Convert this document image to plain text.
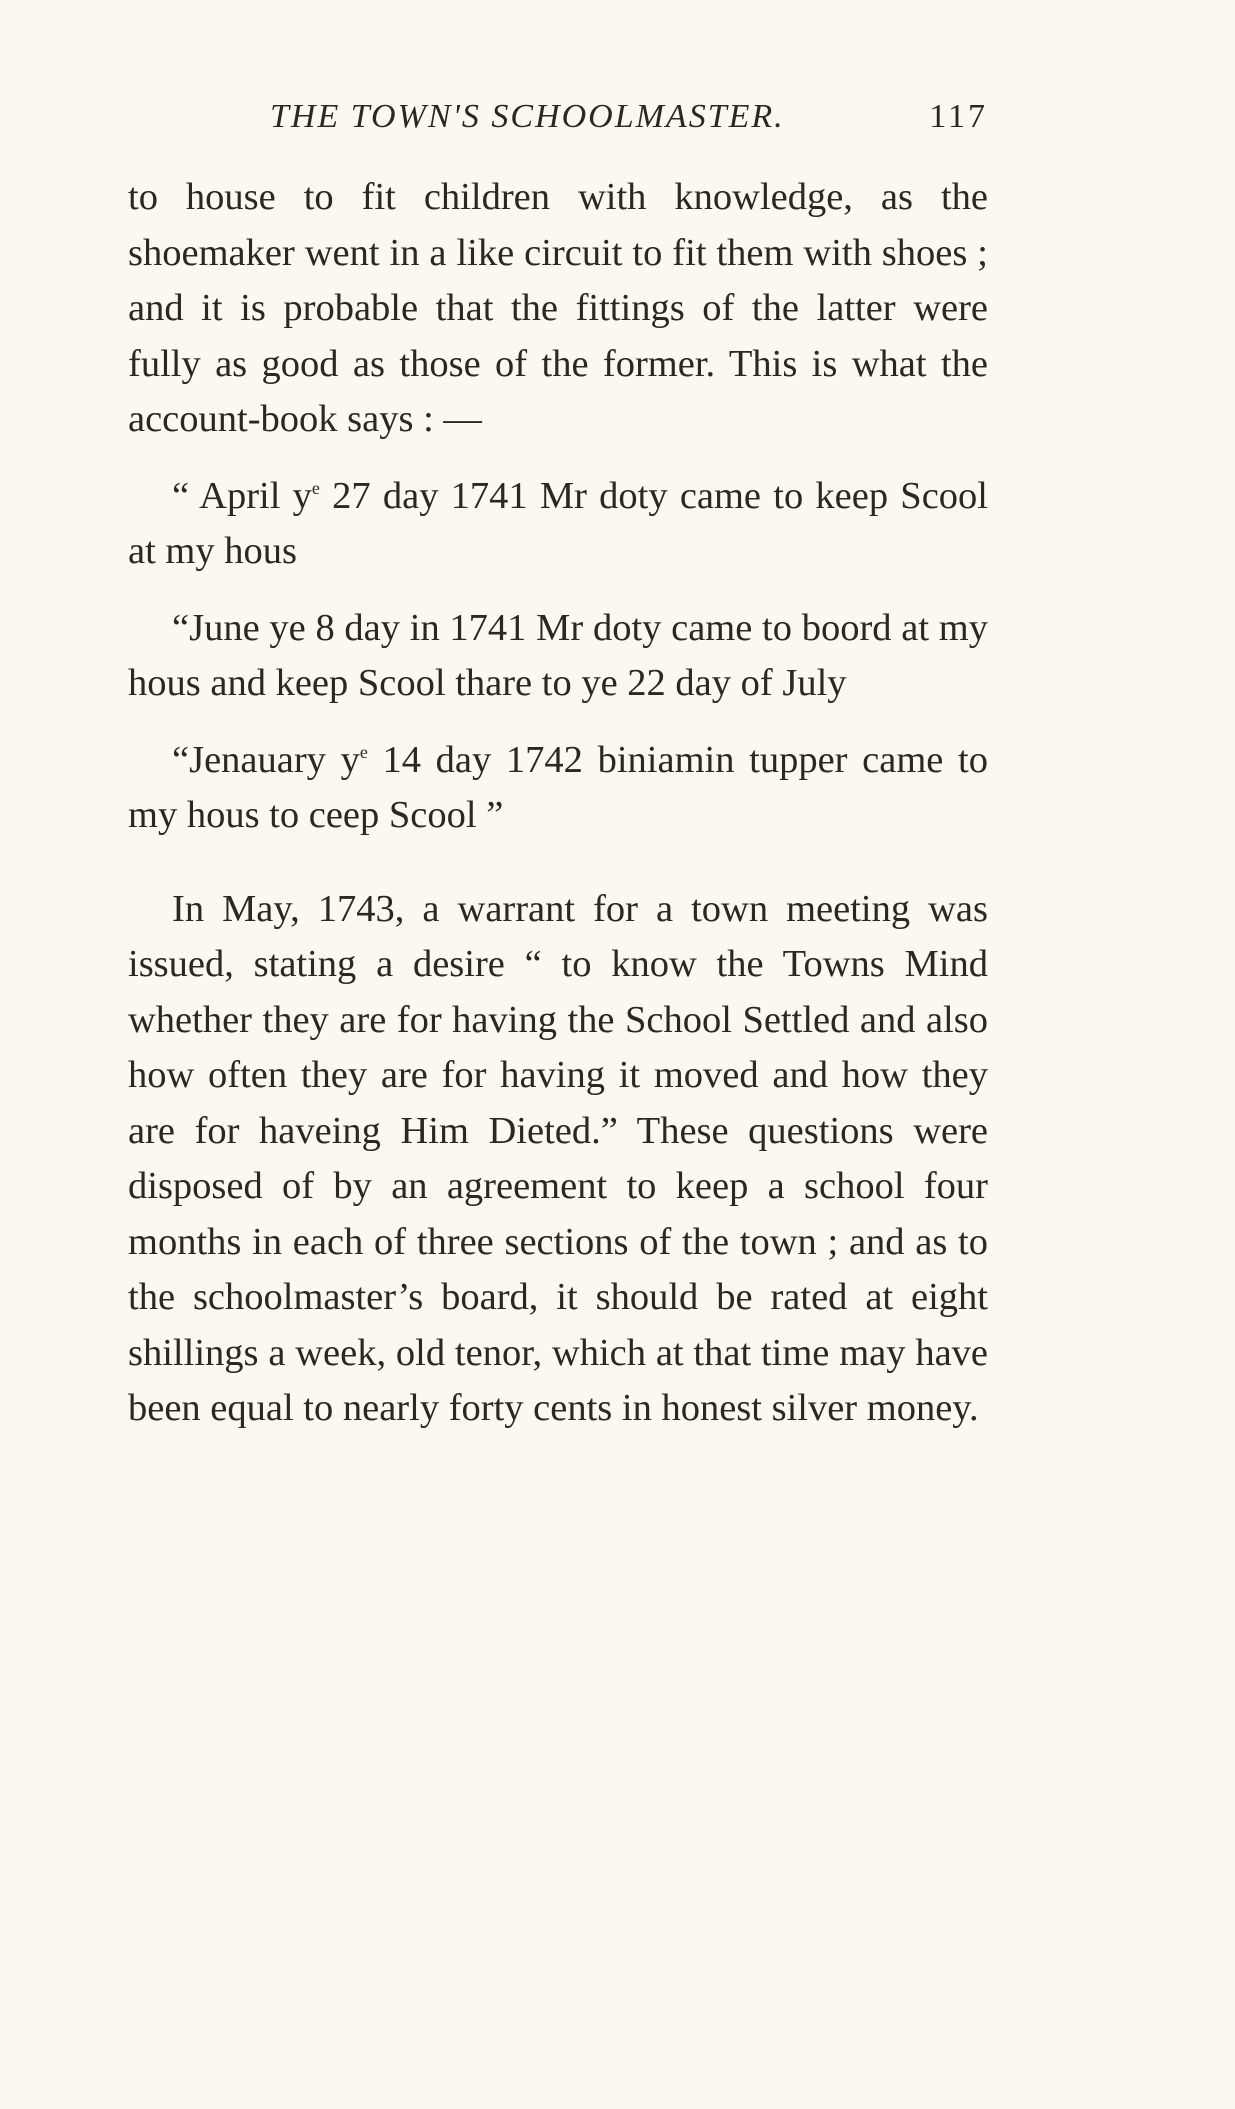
THE TOWN'S SCHOOLMASTER.	117

to house to fit children with knowledge, as the shoemaker went in a like circuit to fit them with shoes ; and it is probable that the fittings of the latter were fully as good as those of the former. This is what the account-book says : —

“ April $y^e$ 27 day 1741 Mr doty came to keep Scool at my hous

“June ye 8 day in 1741 Mr doty came to boord at my hous and keep Scool thare to ye 22 day of July

“Jenauary $y^e$ 14 day 1742 biniamin tupper came to my hous to ceep Scool ”

In May, 1743, a warrant for a town meeting was issued, stating a desire “ to know the Towns Mind whether they are for having the School Settled and also how often they are for having it moved and how they are for haveing Him Dieted.” These questions were disposed of by an agreement to keep a school four months in each of three sections of the town ; and as to the schoolmaster’s board, it should be rated at eight shillings a week, old tenor, which at that time may have been equal to nearly forty cents in honest silver money.
